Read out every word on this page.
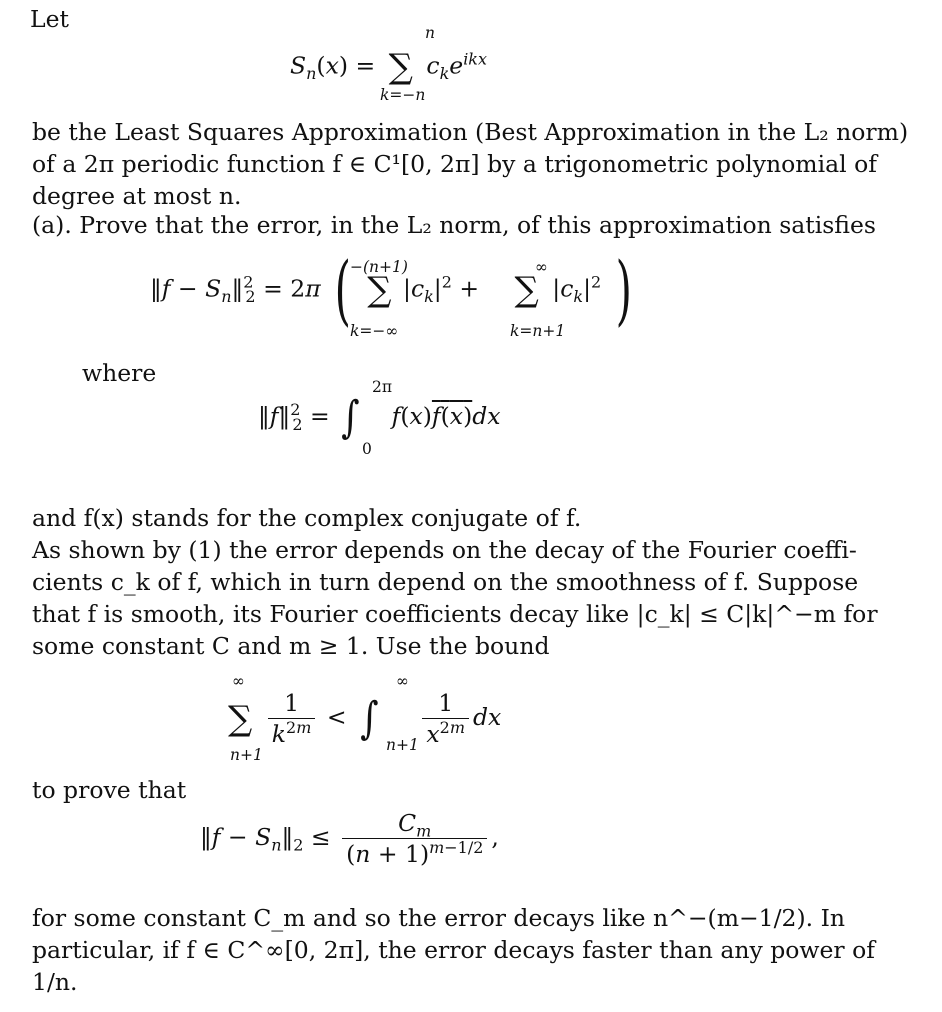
Let
$S_n(x)$ = ∑ $c_ke^{ikx}$
n
k=−n
be the Least Squares Approximation (Best Approximation in the L₂ norm)
of a 2π periodic function f ∈ C¹[0, 2π] by a trigonometric polynomial of
degree at most n.
(a). Prove that the error, in the L₂ norm, of this approximation satisfies
‖f − $S_n‖^2_2 = 2\pi$ ( ∑ $|c_k|^2$ + ∑ $|c_k|^2$ )
−(n+1)
k=−∞
∞
k=n+1
where
‖f‖$^2_2$ = ∫ f(x)f(x)dx
2π
0
and f(x) stands for the complex conjugate of f.
As shown by (1) the error depends on the decay of the Fourier coeffi-
cients c_k of f, which in turn depend on the smoothness of f. Suppose
that f is smooth, its Fourier coefficients decay like |c_k| ≤ C|k|^−m for
some constant C and m ≥ 1. Use the bound
∑ $\frac{1}{k^{2m}}$ < ∫ $\frac{1}{x^{2m}}$ dx
∞
n+1
∞
n+1
to prove that
‖f − $S_n‖_2 \le \frac{C_m}{(n + 1)^{m-1/2}}$ ,
for some constant C_m and so the error decays like n^−(m−1/2). In
particular, if f ∈ C^∞[0, 2π], the error decays faster than any power of
1/n.
